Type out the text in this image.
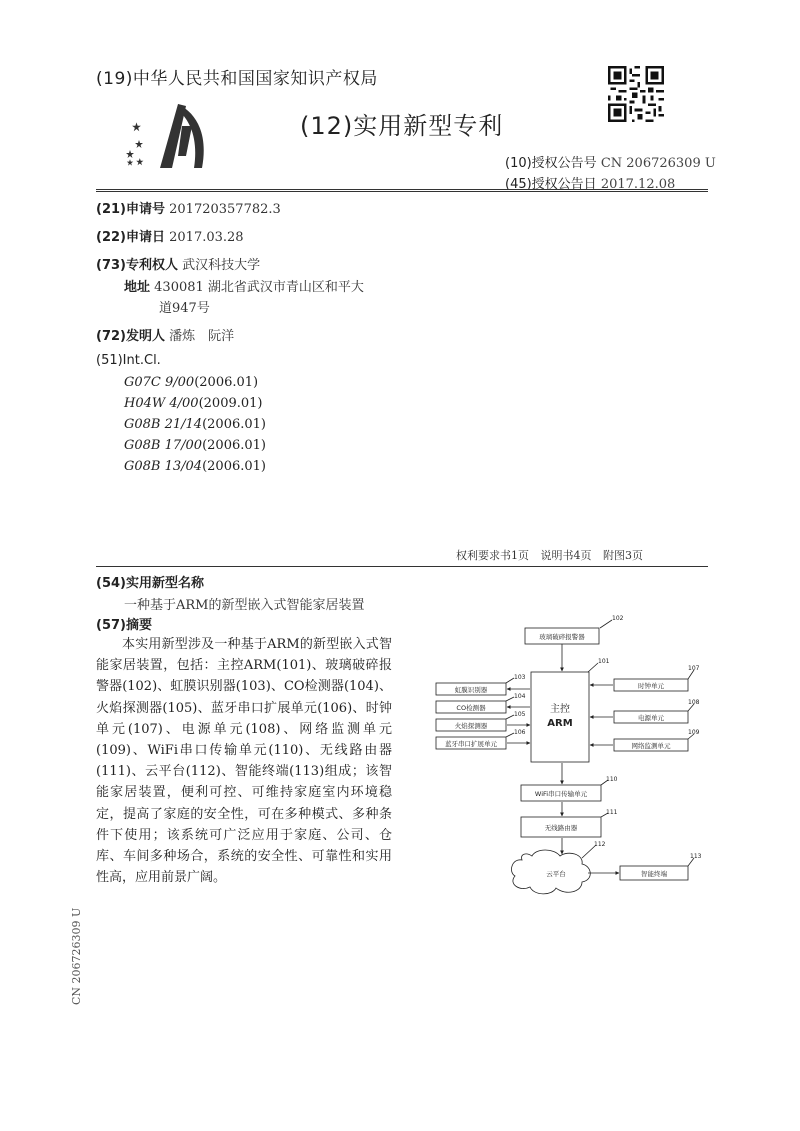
(19)中华人民共和国国家知识产权局
(12)实用新型专利
(10)授权公告号 CN 206726309 U
(45)授权公告日 2017.12.08
(21)申请号 201720357782.3
(22)申请日 2017.03.28
(73)专利权人 武汉科技大学
地址 430081 湖北省武汉市青山区和平大
道947号
(72)发明人 潘炼　阮洋
(51)Int.Cl.
G07C 9/00(2006.01)
H04W 4/00(2009.01)
G08B 21/14(2006.01)
G08B 17/00(2006.01)
G08B 13/04(2006.01)
权利要求书1页 说明书4页 附图3页
(54)实用新型名称
一种基于ARM的新型嵌入式智能家居装置
(57)摘要

本实用新型涉及一种基于ARM的新型嵌入式智能家居装置，包括：主控ARM(101)、玻璃破碎报警器(102)、虹膜识别器(103)、CO检测器(104)、火焰探测器(105)、蓝牙串口扩展单元(106)、时钟单元(107)、电源单元(108)、网络监测单元(109)、WiFi串口传输单元(110)、无线路由器(111)、云平台(112)、智能终端(113)组成；该智能家居装置，便利可控、可维持家庭室内环境稳定，提高了家庭的安全性，可在多种模式、多种条件下使用；该系统可广泛应用于家庭、公司、仓库、车间多种场合，系统的安全性、可靠性和实用性高，应用前景广阔。

CN 206726309 U
玻璃破碎报警器
主控
ARM
虹膜识别器
CO检测器
火焰探测器
蓝牙串口扩展单元
时钟单元
电源单元
网络监测单元
WiFi串口传输单元
无线路由器
云平台	智能终端
102
101
103
104
105
106
107
108
109
110
111
112
113
